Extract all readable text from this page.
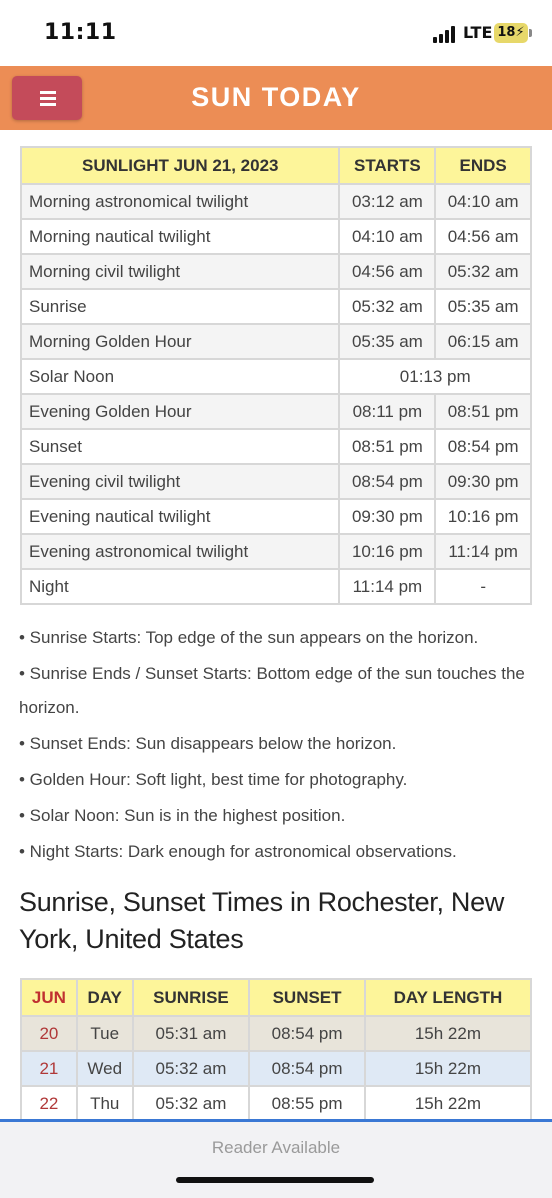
11:11	LTE 18⚡
SUN TODAY
SUNLIGHT JUN 21, 2023	STARTS	ENDS
Morning astronomical twilight	03:12 am	04:10 am
Morning nautical twilight	04:10 am	04:56 am
Morning civil twilight	04:56 am	05:32 am
Sunrise	05:32 am	05:35 am
Morning Golden Hour	05:35 am	06:15 am
Solar Noon	01:13 pm	
Evening Golden Hour	08:11 pm	08:51 pm
Sunset	08:51 pm	08:54 pm
Evening civil twilight	08:54 pm	09:30 pm
Evening nautical twilight	09:30 pm	10:16 pm
Evening astronomical twilight	10:16 pm	11:14 pm
Night	11:14 pm	-

• Sunrise Starts: Top edge of the sun appears on the horizon.

• Sunrise Ends / Sunset Starts: Bottom edge of the sun touches the horizon.

• Sunset Ends: Sun disappears below the horizon.

• Golden Hour: Soft light, best time for photography.

• Solar Noon: Sun is in the highest position.

• Night Starts: Dark enough for astronomical observations.

Sunrise, Sunset Times in Rochester, New York, United States
JUN	DAY	SUNRISE	SUNSET	DAY LENGTH
20	Tue	05:31 am	08:54 pm	15h 22m
21	Wed	05:32 am	08:54 pm	15h 22m
22	Thu	05:32 am	08:55 pm	15h 22m
Reader Available
